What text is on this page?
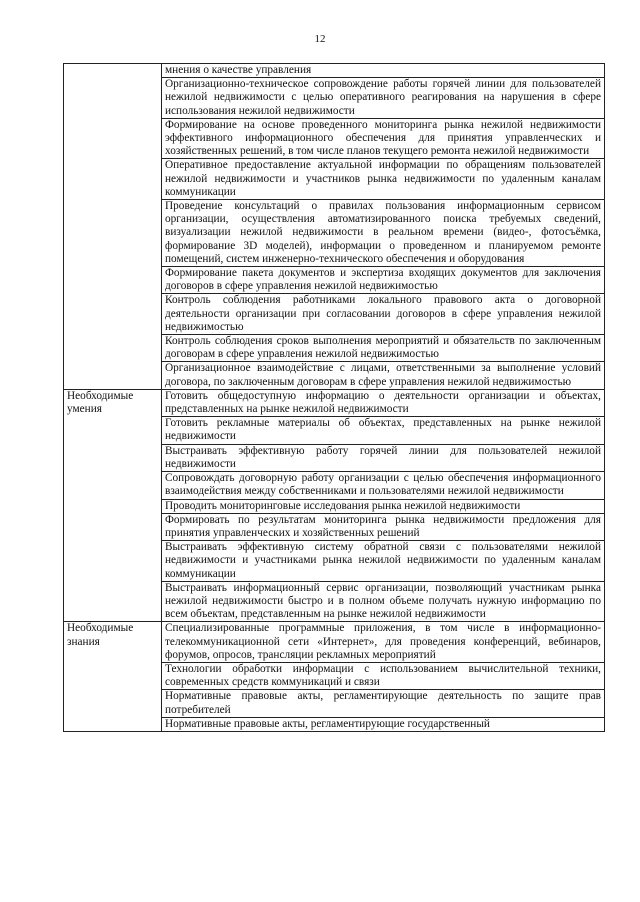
12
	мнения о качестве управления
	Организационно-техническое сопровождение работы горячей линии для пользователей нежилой недвижимости с целью оперативного реагирования на нарушения в сфере использования нежилой недвижимости
	Формирование на основе проведенного мониторинга рынка нежилой недвижимости эффективного информационного обеспечения для принятия управленческих и хозяйственных решений, в том числе планов текущего ремонта нежилой недвижимости
	Оперативное предоставление актуальной информации по обращениям пользователей нежилой недвижимости и участников рынка недвижимости по удаленным каналам коммуникации
	Проведение консультаций о правилах пользования информационным сервисом организации, осуществления автоматизированного поиска требуемых сведений, визуализации нежилой недвижимости в реальном времени (видео-, фотосъёмка, формирование 3D моделей), информации о проведенном и планируемом ремонте помещений, систем инженерно-технического обеспечения и оборудования
	Формирование пакета документов и экспертиза входящих документов для заключения договоров в сфере управления нежилой недвижимостью
	Контроль соблюдения работниками локального правового акта о договорной деятельности организации при согласовании договоров в сфере управления нежилой недвижимостью
	Контроль соблюдения сроков выполнения мероприятий и обязательств по заключенным договорам в сфере управления нежилой недвижимостью
	Организационное взаимодействие с лицами, ответственными за выполнение условий договора, по заключенным договорам в сфере управления нежилой недвижимостью
Необходимые умения	Готовить общедоступную информацию о деятельности организации и объектах, представленных на рынке нежилой недвижимости
	Готовить рекламные материалы об объектах, представленных на рынке нежилой недвижимости
	Выстраивать эффективную работу горячей линии для пользователей нежилой недвижимости
	Сопровождать договорную работу организации с целью обеспечения информационного взаимодействия между собственниками и пользователями нежилой недвижимости
	Проводить мониторинговые исследования рынка нежилой недвижимости
	Формировать по результатам мониторинга рынка недвижимости предложения для принятия управленческих и хозяйственных решений
	Выстраивать эффективную систему обратной связи с пользователями нежилой недвижимости и участниками рынка нежилой недвижимости по удаленным каналам коммуникации
	Выстраивать информационный сервис организации, позволяющий участникам рынка нежилой недвижимости быстро и в полном объеме получать нужную информацию по всем объектам, представленным на рынке нежилой недвижимости
Необходимые знания	Специализированные программные приложения, в том числе в информационно-телекоммуникационной сети «Интернет», для проведения конференций, вебинаров, форумов, опросов, трансляции рекламных мероприятий
	Технологии обработки информации с использованием вычислительной техники, современных средств коммуникаций и связи
	Нормативные правовые акты, регламентирующие деятельность по защите прав потребителей
	Нормативные правовые акты, регламентирующие государственный
